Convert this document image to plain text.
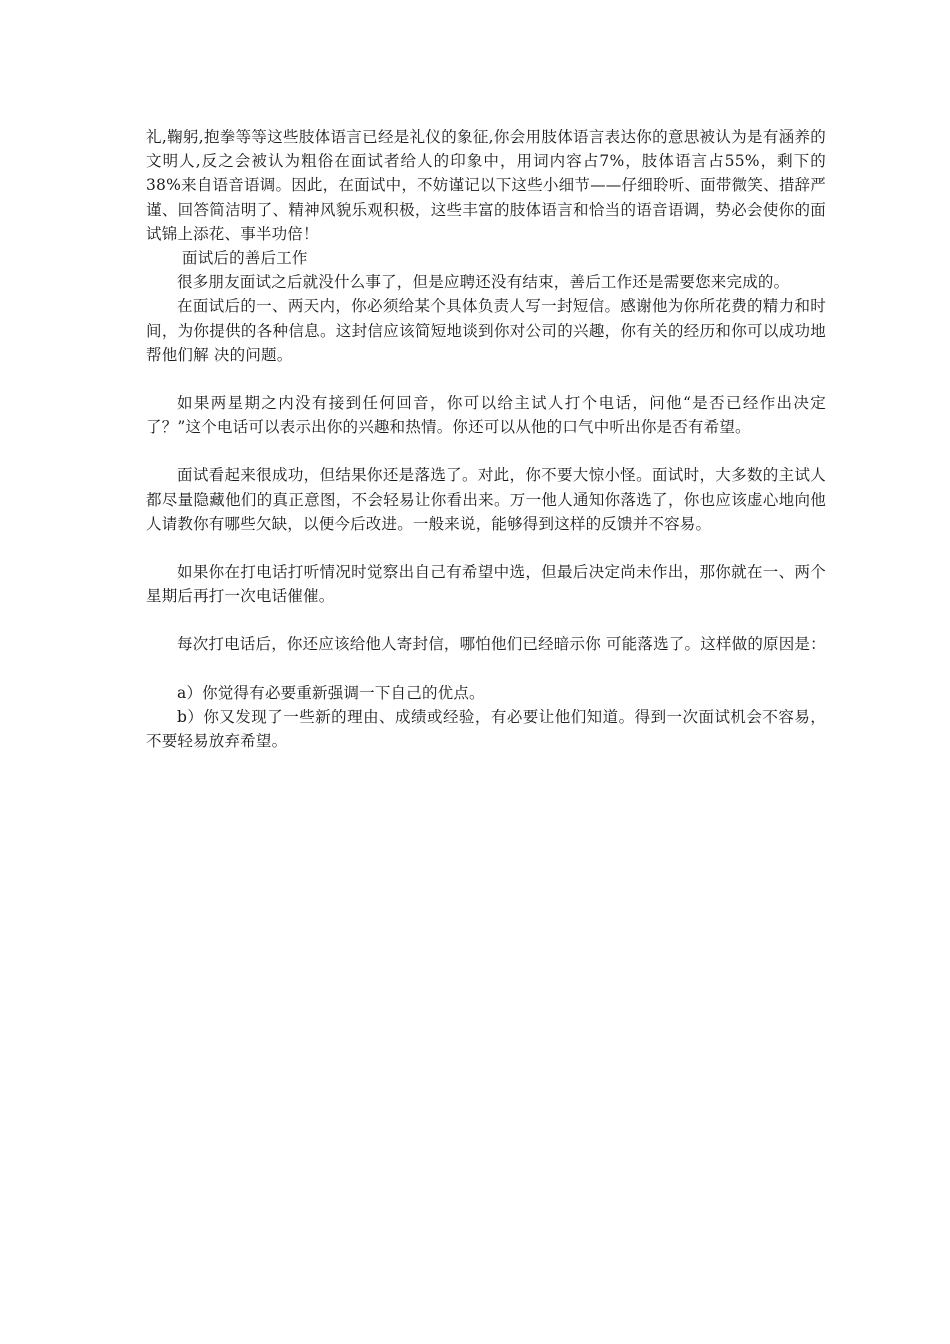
礼,鞠躬,抱拳等等这些肢体语言已经是礼仪的象征,你会用肢体语言表达你的意思被认为是有涵养的文明人,反之会被认为粗俗在面试者给人的印象中，用词内容占7%，肢体语言占55%，剩下的38%来自语音语调。因此，在面试中，不妨谨记以下这些小细节——仔细聆听、面带微笑、措辞严谨、回答简洁明了、精神风貌乐观积极，这些丰富的肢体语言和恰当的语音语调，势必会使你的面试锦上添花、事半功倍！

面试后的善后工作

很多朋友面试之后就没什么事了，但是应聘还没有结束，善后工作还是需要您来完成的。

在面试后的一、两天内，你必须给某个具体负责人写一封短信。感谢他为你所花费的精力和时间，为你提供的各种信息。这封信应该简短地谈到你对公司的兴趣，你有关的经历和你可以成功地帮他们解 决的问题。

如果两星期之内没有接到任何回音，你可以给主试人打个电话，问他“是否已经作出决定了？”这个电话可以表示出你的兴趣和热情。你还可以从他的口气中听出你是否有希望。

面试看起来很成功，但结果你还是落选了。对此，你不要大惊小怪。面试时，大多数的主试人都尽量隐藏他们的真正意图，不会轻易让你看出来。万一他人通知你落选了，你也应该虚心地向他人请教你有哪些欠缺，以便今后改进。一般来说，能够得到这样的反馈并不容易。

如果你在打电话打听情况时觉察出自己有希望中选，但最后决定尚未作出，那你就在一、两个星期后再打一次电话催催。

每次打电话后，你还应该给他人寄封信，哪怕他们已经暗示你 可能落选了。这样做的原因是：

a）你觉得有必要重新强调一下自己的优点。

b）你又发现了一些新的理由、成绩或经验，有必要让他们知道。得到一次面试机会不容易，不要轻易放弃希望。
